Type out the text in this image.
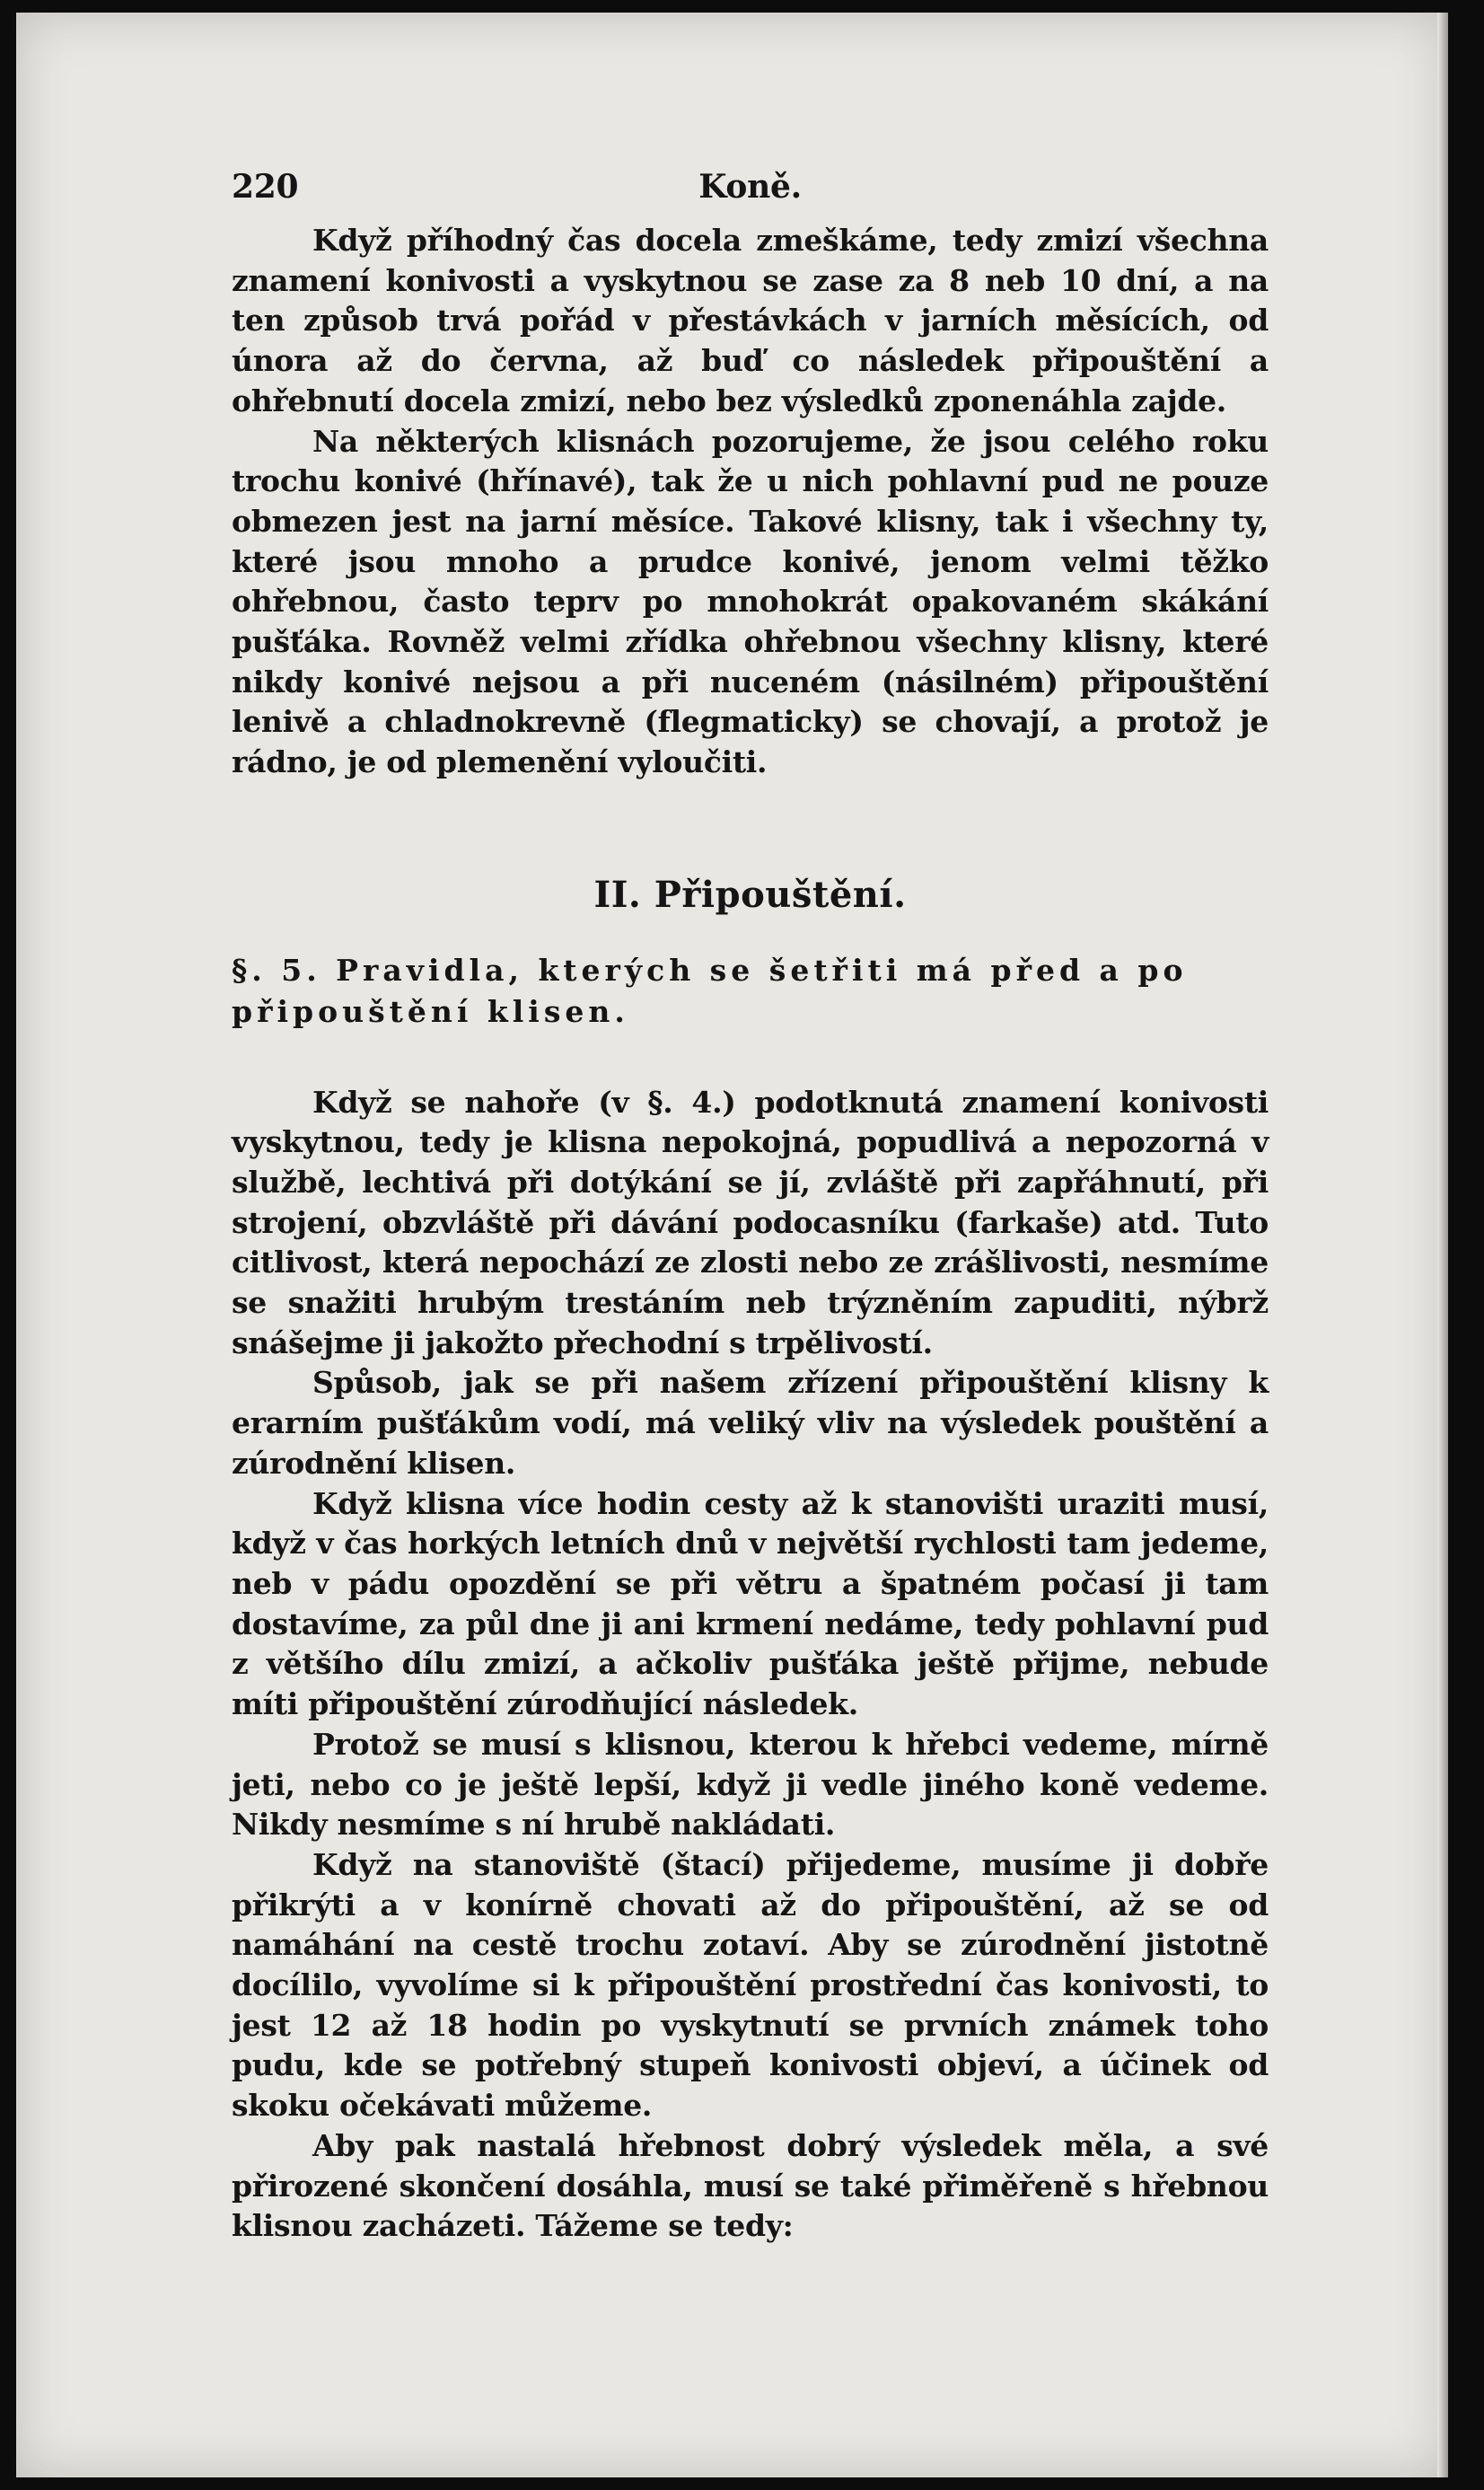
220	Koně.

Když příhodný čas docela zmeškáme, tedy zmizí všechna znamení konivosti a vyskytnou se zase za 8 neb 10 dní, a na ten způsob trvá pořád v přestávkách v jarních měsících, od února až do června, až buď co následek připouštění a ohřebnutí docela zmizí, nebo bez výsledků zponenáhla zajde.

Na některých klisnách pozorujeme, že jsou celého roku trochu konivé (hřínavé), tak že u nich pohlavní pud ne pouze obmezen jest na jarní měsíce. Takové klisny, tak i všechny ty, které jsou mnoho a prudce konivé, jenom velmi těžko ohřebnou, často teprv po mnohokrát opakovaném skákání pušťáka. Rovněž velmi zřídka ohřebnou všechny klisny, které nikdy konivé nejsou a při nuceném (násilném) připouštění lenivě a chladnokrevně (flegmaticky) se chovají, a protož je rádno, je od plemenění vyloučiti.

II. Připouštění.
§. 5. Pravidla, kterých se šetřiti má před a po
připouštění klisen.

Když se nahoře (v §. 4.) podotknutá znamení konivosti vyskytnou, tedy je klisna nepokojná, popudlivá a nepozorná v službě, lechtivá při dotýkání se jí, zvláště při zapřáhnutí, při strojení, obzvláště při dávání podocasníku (farkaše) atd. Tuto citlivost, která nepochází ze zlosti nebo ze zrášlivosti, nesmíme se snažiti hrubým trestáním neb trýzněním zapuditi, nýbrž snášejme ji jakožto přechodní s trpělivostí.

Spůsob, jak se při našem zřízení připouštění klisny k erarním pušťákům vodí, má veliký vliv na výsledek pouštění a zúrodnění klisen.

Když klisna více hodin cesty až k stanovišti uraziti musí, když v čas horkých letních dnů v největší rychlosti tam jedeme, neb v pádu opozdění se při větru a špatném počasí ji tam dostavíme, za půl dne ji ani krmení nedáme, tedy pohlavní pud z většího dílu zmizí, a ačkoliv pušťáka ještě přijme, nebude míti připouštění zúrodňující následek.

Protož se musí s klisnou, kterou k hřebci vedeme, mírně jeti, nebo co je ještě lepší, když ji vedle jiného koně vedeme. Nikdy nesmíme s ní hrubě nakládati.

Když na stanoviště (štací) přijedeme, musíme ji dobře přikrýti a v konírně chovati až do připouštění, až se od namáhání na cestě trochu zotaví. Aby se zúrodnění jistotně docílilo, vyvolíme si k připouštění prostřední čas konivosti, to jest 12 až 18 hodin po vyskytnutí se prvních známek toho pudu, kde se potřebný stupeň konivosti objeví, a účinek od skoku očekávati můžeme.

Aby pak nastalá hřebnost dobrý výsledek měla, a své přirozené skončení dosáhla, musí se také přiměřeně s hřebnou klisnou zacházeti. Tážeme se tedy:
